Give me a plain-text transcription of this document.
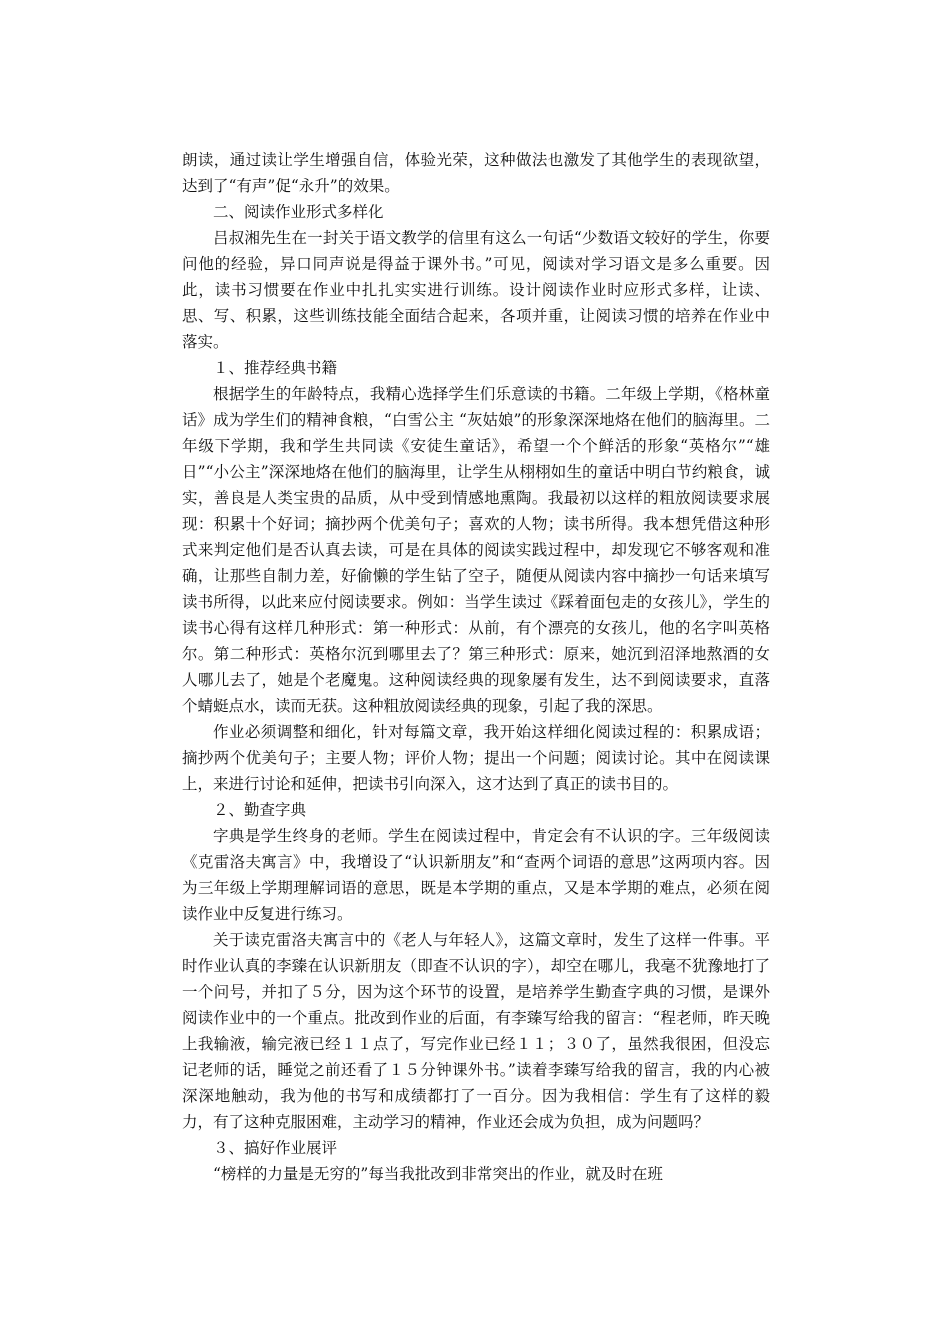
朗读，通过读让学生增强自信，体验光荣，这种做法也激发了其他学生的表现欲望，达到了“有声”促“永升”的效果。

二、阅读作业形式多样化

吕叔湘先生在一封关于语文教学的信里有这么一句话“少数语文较好的学生，你要问他的经验，异口同声说是得益于课外书。”可见，阅读对学习语文是多么重要。因此，读书习惯要在作业中扎扎实实进行训练。设计阅读作业时应形式多样，让读、思、写、积累，这些训练技能全面结合起来，各项并重，让阅读习惯的培养在作业中落实。

１、推荐经典书籍

根据学生的年龄特点，我精心选择学生们乐意读的书籍。二年级上学期，《格林童话》成为学生们的精神食粮，“白雪公主 “灰姑娘”的形象深深地烙在他们的脑海里。二年级下学期，我和学生共同读《安徒生童话》，希望一个个鲜活的形象“英格尔”“雄日”“小公主”深深地烙在他们的脑海里，让学生从栩栩如生的童话中明白节约粮食，诚实，善良是人类宝贵的品质，从中受到情感地熏陶。我最初以这样的粗放阅读要求展现：积累十个好词；摘抄两个优美句子；喜欢的人物；读书所得。我本想凭借这种形式来判定他们是否认真去读，可是在具体的阅读实践过程中，却发现它不够客观和准确，让那些自制力差，好偷懒的学生钻了空子，随便从阅读内容中摘抄一句话来填写读书所得，以此来应付阅读要求。例如：当学生读过《踩着面包走的女孩儿》，学生的读书心得有这样几种形式：第一种形式：从前，有个漂亮的女孩儿，他的名字叫英格尔。第二种形式：英格尔沉到哪里去了？第三种形式：原来，她沉到沼泽地熬酒的女人哪儿去了，她是个老魔鬼。这种阅读经典的现象屡有发生，达不到阅读要求，直落个蜻蜓点水，读而无获。这种粗放阅读经典的现象，引起了我的深思。

作业必须调整和细化，针对每篇文章，我开始这样细化阅读过程的：积累成语；摘抄两个优美句子；主要人物；评价人物；提出一个问题；阅读讨论。其中在阅读课上，来进行讨论和延伸，把读书引向深入，这才达到了真正的读书目的。

２、勤查字典

字典是学生终身的老师。学生在阅读过程中，肯定会有不认识的字。三年级阅读《克雷洛夫寓言》中，我增设了“认识新朋友”和“查两个词语的意思”这两项内容。因为三年级上学期理解词语的意思，既是本学期的重点，又是本学期的难点，必须在阅读作业中反复进行练习。

关于读克雷洛夫寓言中的《老人与年轻人》，这篇文章时，发生了这样一件事。平时作业认真的李臻在认识新朋友（即查不认识的字），却空在哪儿，我毫不犹豫地打了一个问号，并扣了５分，因为这个环节的设置，是培养学生勤查字典的习惯，是课外阅读作业中的一个重点。批改到作业的后面，有李臻写给我的留言：“程老师，昨天晚上我输液，输完液已经１１点了，写完作业已经１１；３０了，虽然我很困，但没忘记老师的话，睡觉之前还看了１５分钟课外书。”读着李臻写给我的留言，我的内心被深深地触动，我为他的书写和成绩都打了一百分。因为我相信：学生有了这样的毅力，有了这种克服困难，主动学习的精神，作业还会成为负担，成为问题吗？

３、搞好作业展评

“榜样的力量是无穷的”每当我批改到非常突出的作业，就及时在班
